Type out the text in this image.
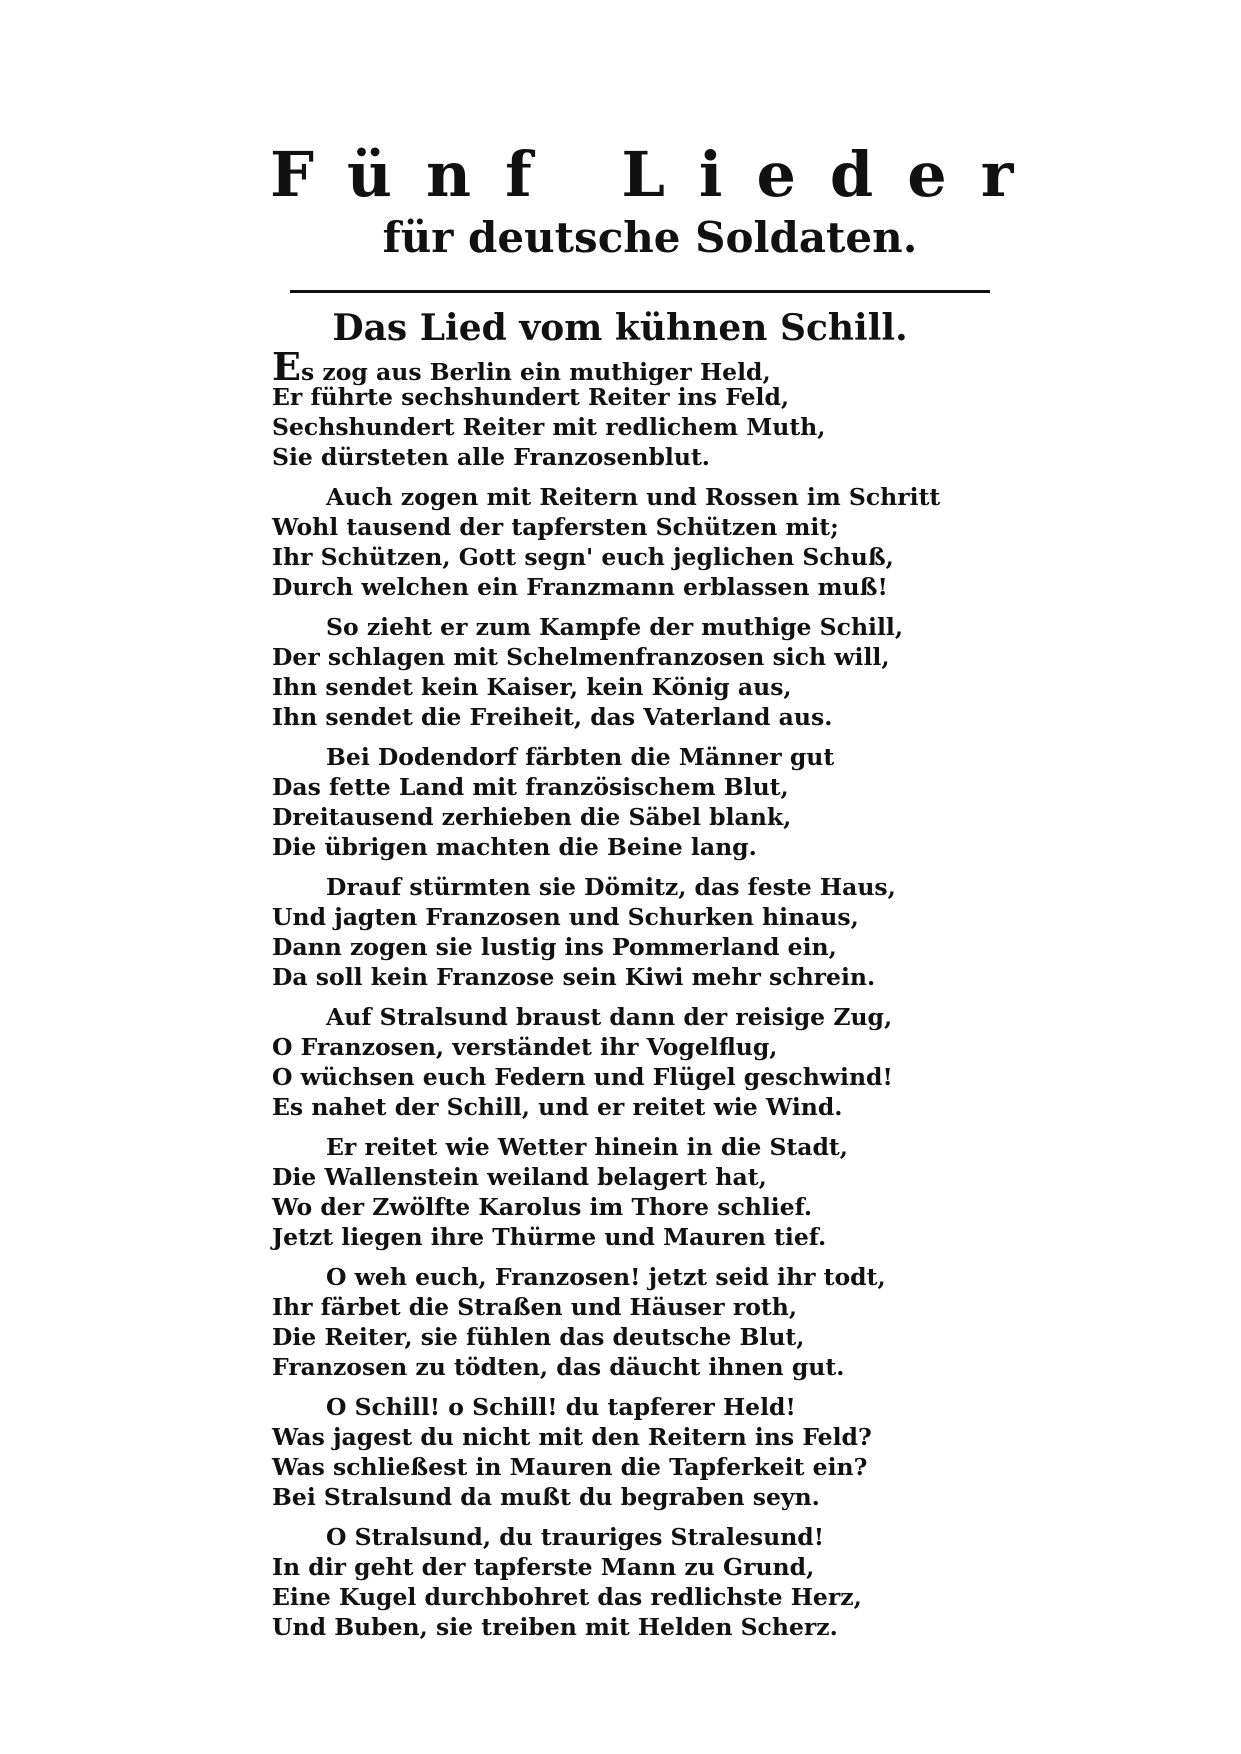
Fünf Lieder
für deutsche Soldaten.
Das Lied vom kühnen Schill.
Es zog aus Berlin ein muthiger Held,
Er führte sechshundert Reiter ins Feld,
Sechshundert Reiter mit redlichem Muth,
Sie dürsteten alle Franzosenblut.
Auch zogen mit Reitern und Rossen im Schritt
Wohl tausend der tapfersten Schützen mit;
Ihr Schützen, Gott segn' euch jeglichen Schuß,
Durch welchen ein Franzmann erblassen muß!
So zieht er zum Kampfe der muthige Schill,
Der schlagen mit Schelmenfranzosen sich will,
Ihn sendet kein Kaiser, kein König aus,
Ihn sendet die Freiheit, das Vaterland aus.
Bei Dodendorf färbten die Männer gut
Das fette Land mit französischem Blut,
Dreitausend zerhieben die Säbel blank,
Die übrigen machten die Beine lang.
Drauf stürmten sie Dömitz, das feste Haus,
Und jagten Franzosen und Schurken hinaus,
Dann zogen sie lustig ins Pommerland ein,
Da soll kein Franzose sein Kiwi mehr schrein.
Auf Stralsund braust dann der reisige Zug,
O Franzosen, verständet ihr Vogelflug,
O wüchsen euch Federn und Flügel geschwind!
Es nahet der Schill, und er reitet wie Wind.
Er reitet wie Wetter hinein in die Stadt,
Die Wallenstein weiland belagert hat,
Wo der Zwölfte Karolus im Thore schlief.
Jetzt liegen ihre Thürme und Mauren tief.
O weh euch, Franzosen! jetzt seid ihr todt,
Ihr färbet die Straßen und Häuser roth,
Die Reiter, sie fühlen das deutsche Blut,
Franzosen zu tödten, das däucht ihnen gut.
O Schill! o Schill! du tapferer Held!
Was jagest du nicht mit den Reitern ins Feld?
Was schließest in Mauren die Tapferkeit ein?
Bei Stralsund da mußt du begraben seyn.
O Stralsund, du trauriges Stralesund!
In dir geht der tapferste Mann zu Grund,
Eine Kugel durchbohret das redlichste Herz,
Und Buben, sie treiben mit Helden Scherz.
